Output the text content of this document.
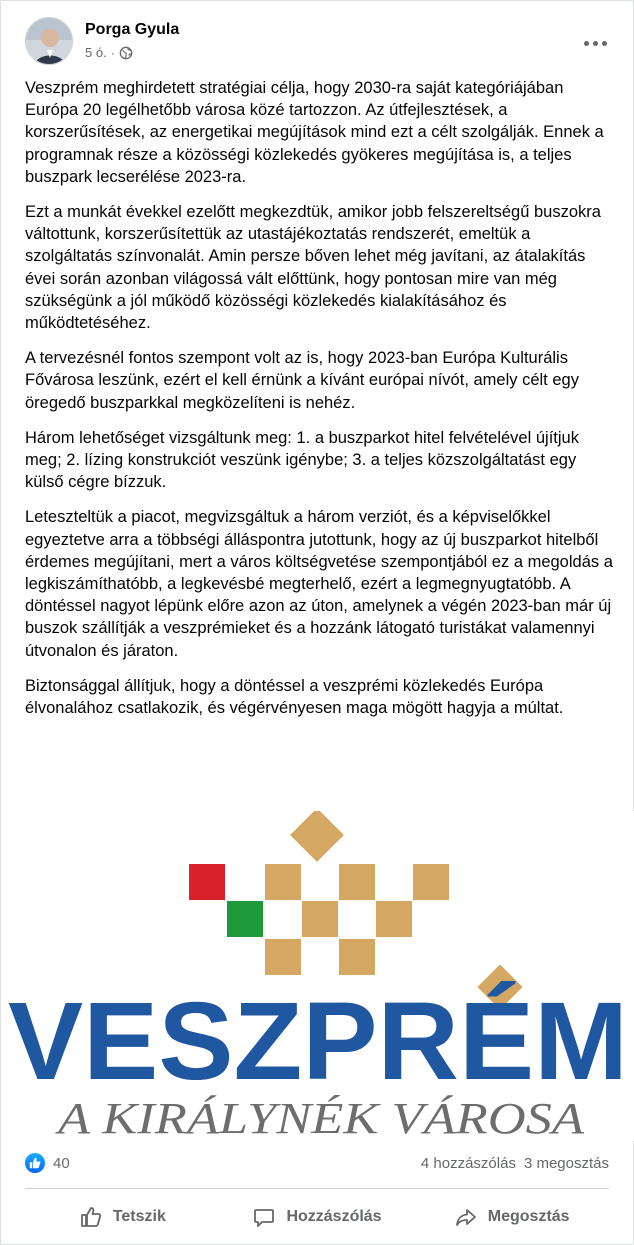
Porga Gyula
5 ó. ·

Veszprém meghirdetett stratégiai célja, hogy 2030-ra saját kategóriájában Európa 20 legélhetőbb városa közé tartozzon. Az útfejlesztések, a korszerűsítések, az energetikai megújítások mind ezt a célt szolgálják. Ennek a programnak része a közösségi közlekedés gyökeres megújítása is, a teljes buszpark lecserélése 2023-ra.

Ezt a munkát évekkel ezelőtt megkezdtük, amikor jobb felszereltségű buszokra váltottunk, korszerűsítettük az utastájékoztatás rendszerét, emeltük a szolgáltatás színvonalát. Amin persze bőven lehet még javítani, az átalakítás évei során azonban világossá vált előttünk, hogy pontosan mire van még szükségünk a jól működő közösségi közlekedés kialakításához és működtetéséhez.

A tervezésnél fontos szempont volt az is, hogy 2023-ban Európa Kulturális Fővárosa leszünk, ezért el kell érnünk a kívánt európai nívót, amely célt egy öregedő buszparkkal megközelíteni is nehéz.

Három lehetőséget vizsgáltunk meg: 1. a buszparkot hitel felvételével újítjuk meg; 2. lízing konstrukciót veszünk igénybe; 3. a teljes közszolgáltatást egy külső cégre bízzuk.

Leteszteltük a piacot, megvizsgáltuk a három verziót, és a képviselőkkel egyeztetve arra a többségi álláspontra jutottunk, hogy az új buszparkot hitelből érdemes megújítani, mert a város költségvetése szempontjából ez a megoldás a legkiszámíthatóbb, a legkevésbé megterhelő, ezért a legmegnyugtatóbb. A döntéssel nagyot lépünk előre azon az úton, amelynek a végén 2023-ban már új buszok szállítják a veszprémieket és a hozzánk látogató turistákat valamennyi útvonalon és járaton.

Biztonsággal állítjuk, hogy a döntéssel a veszprémi közlekedés Európa élvonalához csatlakozik, és végérvényesen maga mögött hagyja a múltat.

VESZPRÉM
A KIRÁLYNÉK VÁROSA
40	4 hozzászólás 3 megosztás
Tetszik	Hozzászólás	Megosztás
